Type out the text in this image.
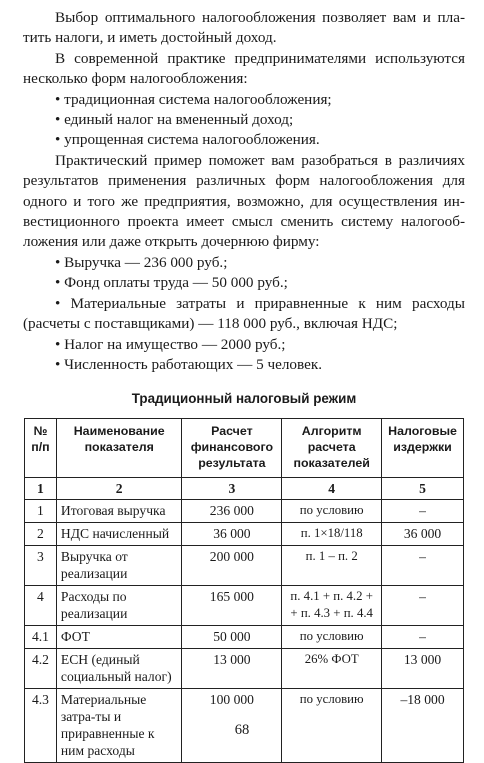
Выбор оптимального налогообложения позволяет вам и пла-тить налоги, и иметь достойный доход.

В современной практике предпринимателями используются несколько форм налогообложения:

• традиционная система налогообложения;
• единый налог на вмененный доход;
• упрощенная система налогообложения.

Практический пример поможет вам разобраться в различиях результатов применения различных форм налогообложения для одного и того же предприятия, возможно, для осуществления ин-вестиционного проекта имеет смысл сменить систему налогооб-ложения или даже открыть дочернюю фирму:

• Выручка — 236 000 руб.;
• Фонд оплаты труда — 50 000 руб.;
• Материальные затраты и приравненные к ним расходы (расчеты с поставщиками) — 118 000 руб., включая НДС;
• Налог на имущество — 2000 руб.;
• Численность работающих — 5 человек.
Традиционный налоговый режим
№ п/п	Наименование показателя	Расчет финансового результата	Алгоритм расчета показателей	Налоговые издержки
1	2	3	4	5
1	Итоговая выручка	236 000	по условию	–
2	НДС начисленный	36 000	п. 1×18/118	36 000
3	Выручка от реализации	200 000	п. 1 – п. 2	–
4	Расходы по реализации	165 000	п. 4.1 + п. 4.2 + + п. 4.3 + п. 4.4	–
4.1	ФОТ	50 000	по условию	–
4.2	ЕСН (единый социальный налог)	13 000	26% ФОТ	13 000
4.3	Материальные затра-ты и приравненные к ним расходы	100 000	по условию	–18 000
68
